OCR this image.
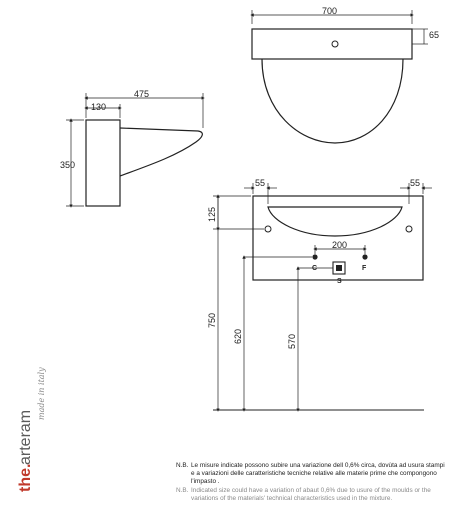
700
65
475
130
350
C	F
S
200
55	55
125
750
620	570
the.
arteram
made in italy
N.B. Le misure indicate possono subire una variazione dell 0,6% circa, dovùta ad usura stampi
e a variazioni delle caratteristiche tecniche relative alle materie prime che compongono
l'impasto .
N.B. Indicated size could have a variation of abaut 0,6% due to usure of the moulds or the
variations of the materials' technical characteristics used in the mixture.
